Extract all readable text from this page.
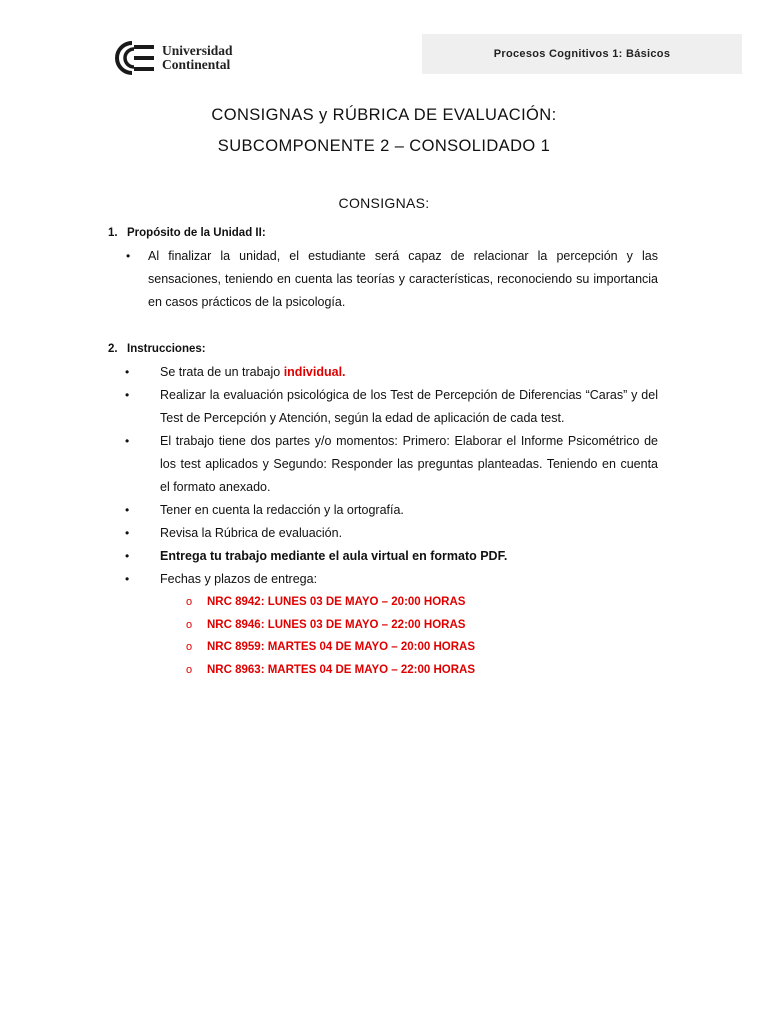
Universidad
Continental
Procesos Cognitivos 1: Básicos
CONSIGNAS y RÚBRICA DE EVALUACIÓN:
SUBCOMPONENTE 2 – CONSOLIDADO 1
CONSIGNAS:
1. Propósito de la Unidad II:
• Al finalizar la unidad, el estudiante será capaz de relacionar la percepción y las sensaciones, teniendo en cuenta las teorías y características, reconociendo su importancia en casos prácticos de la psicología.
2. Instrucciones:
• Se trata de un trabajo individual.
• Realizar la evaluación psicológica de los Test de Percepción de Diferencias “Caras” y del Test de Percepción y Atención, según la edad de aplicación de cada test.
• El trabajo tiene dos partes y/o momentos: Primero: Elaborar el Informe Psicométrico de los test aplicados y Segundo: Responder las preguntas planteadas. Teniendo en cuenta el formato anexado.
• Tener en cuenta la redacción y la ortografía.
• Revisa la Rúbrica de evaluación.
• Entrega tu trabajo mediante el aula virtual en formato PDF.
• Fechas y plazos de entrega:
o NRC 8942: LUNES 03 DE MAYO – 20:00 HORAS
o NRC 8946: LUNES 03 DE MAYO – 22:00 HORAS
o NRC 8959: MARTES 04 DE MAYO – 20:00 HORAS
o NRC 8963: MARTES 04 DE MAYO – 22:00 HORAS
